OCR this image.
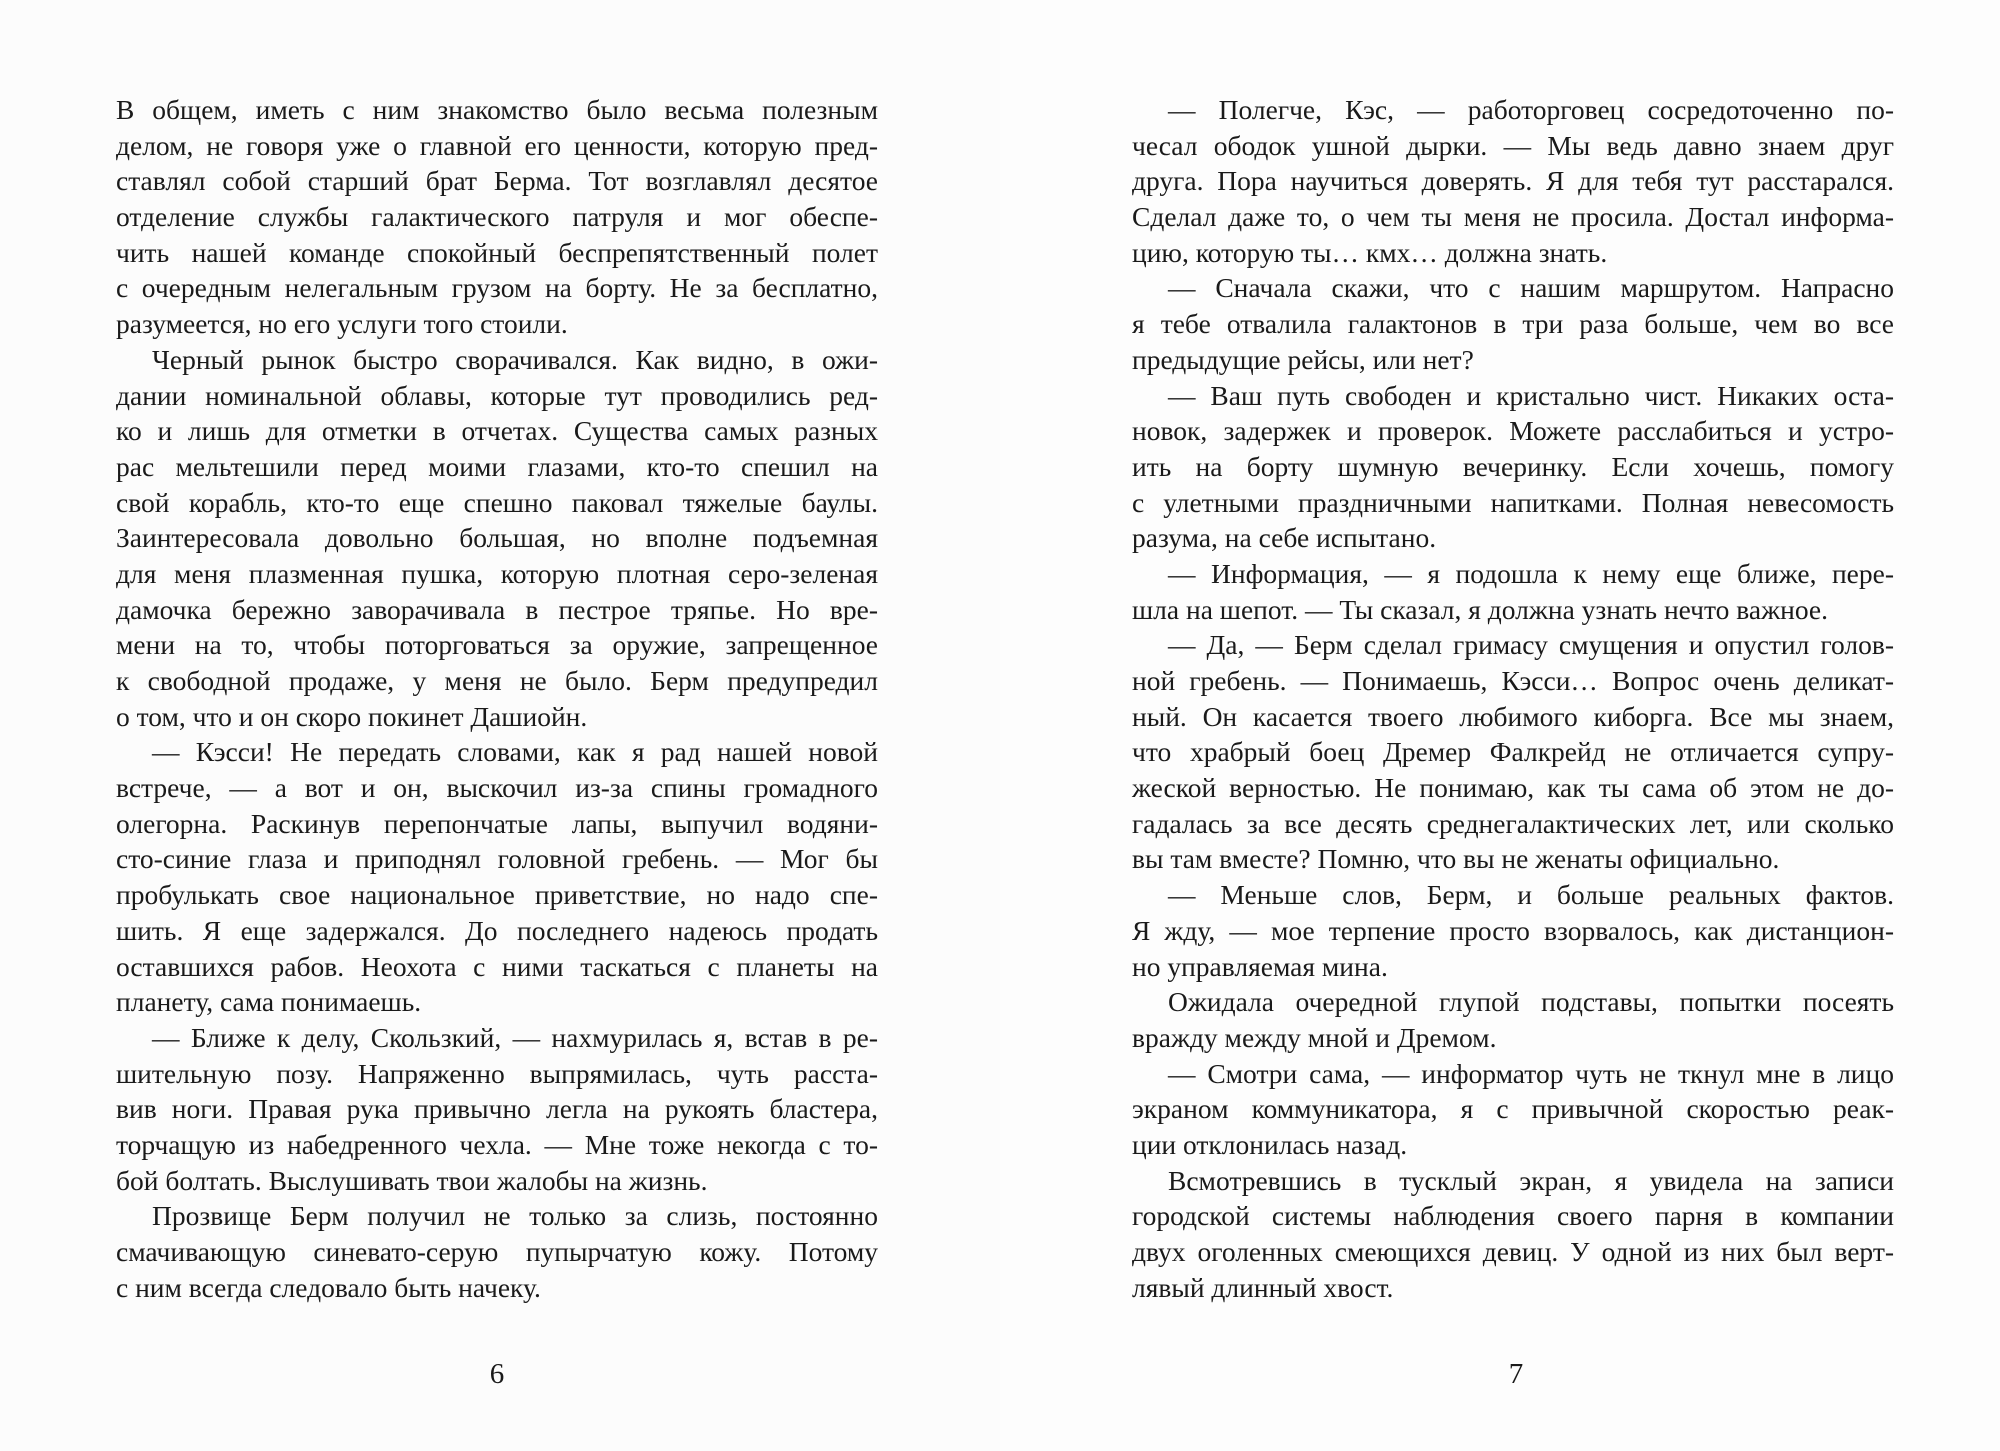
В общем, иметь с ним знакомство было весьма полезным
делом, не говоря уже о главной его ценности, которую пред-
ставлял собой старший брат Берма. Тот возглавлял десятое
отделение службы галактического патруля и мог обеспе-
чить нашей команде спокойный беспрепятственный полет
с очередным нелегальным грузом на борту. Не за бесплатно,
разумеется, но его услуги того стоили.
Черный рынок быстро сворачивался. Как видно, в ожи-
дании номинальной облавы, которые тут проводились ред-
ко и лишь для отметки в отчетах. Существа самых разных
рас мельтешили перед моими глазами, кто-то спешил на
свой корабль, кто-то еще спешно паковал тяжелые баулы.
Заинтересовала довольно большая, но вполне подъемная
для меня плазменная пушка, которую плотная серо-зеленая
дамочка бережно заворачивала в пестрое тряпье. Но вре-
мени на то, чтобы поторговаться за оружие, запрещенное
к свободной продаже, у меня не было. Берм предупредил
о том, что и он скоро покинет Дашиойн.
— Кэсси! Не передать словами, как я рад нашей новой
встрече, — а вот и он, выскочил из-за спины громадного
олегорна. Раскинув перепончатые лапы, выпучил водяни-
сто-синие глаза и приподнял головной гребень. — Мог бы
пробулькать свое национальное приветствие, но надо спе-
шить. Я еще задержался. До последнего надеюсь продать
оставшихся рабов. Неохота с ними таскаться с планеты на
планету, сама понимаешь.
— Ближе к делу, Скользкий, — нахмурилась я, встав в ре-
шительную позу. Напряженно выпрямилась, чуть расста-
вив ноги. Правая рука привычно легла на рукоять бластера,
торчащую из набедренного чехла. — Мне тоже некогда с то-
бой болтать. Выслушивать твои жалобы на жизнь.
Прозвище Берм получил не только за слизь, постоянно
смачивающую синевато-серую пупырчатую кожу. Потому
с ним всегда следовало быть начеку.
6
— Полегче, Кэс, — работорговец сосредоточенно по-
чесал ободок ушной дырки. — Мы ведь давно знаем друг
друга. Пора научиться доверять. Я для тебя тут расстарался.
Сделал даже то, о чем ты меня не просила. Достал информа-
цию, которую ты… кмх… должна знать.
— Сначала скажи, что с нашим маршрутом. Напрасно
я тебе отвалила галактонов в три раза больше, чем во все
предыдущие рейсы, или нет?
— Ваш путь свободен и кристально чист. Никаких оста-
новок, задержек и проверок. Можете расслабиться и устро-
ить на борту шумную вечеринку. Если хочешь, помогу
с улетными праздничными напитками. Полная невесомость
разума, на себе испытано.
— Информация, — я подошла к нему еще ближе, пере-
шла на шепот. — Ты сказал, я должна узнать нечто важное.
— Да, — Берм сделал гримасу смущения и опустил голов-
ной гребень. — Понимаешь, Кэсси… Вопрос очень деликат-
ный. Он касается твоего любимого киборга. Все мы знаем,
что храбрый боец Дремер Фалкрейд не отличается супру-
жеской верностью. Не понимаю, как ты сама об этом не до-
гадалась за все десять среднегалактических лет, или сколько
вы там вместе? Помню, что вы не женаты официально.
— Меньше слов, Берм, и больше реальных фактов.
Я жду, — мое терпение просто взорвалось, как дистанцион-
но управляемая мина.
Ожидала очередной глупой подставы, попытки посеять
вражду между мной и Дремом.
— Смотри сама, — информатор чуть не ткнул мне в лицо
экраном коммуникатора, я с привычной скоростью реак-
ции отклонилась назад.
Всмотревшись в тусклый экран, я увидела на записи
городской системы наблюдения своего парня в компании
двух оголенных смеющихся девиц. У одной из них был верт-
лявый длинный хвост.
7
